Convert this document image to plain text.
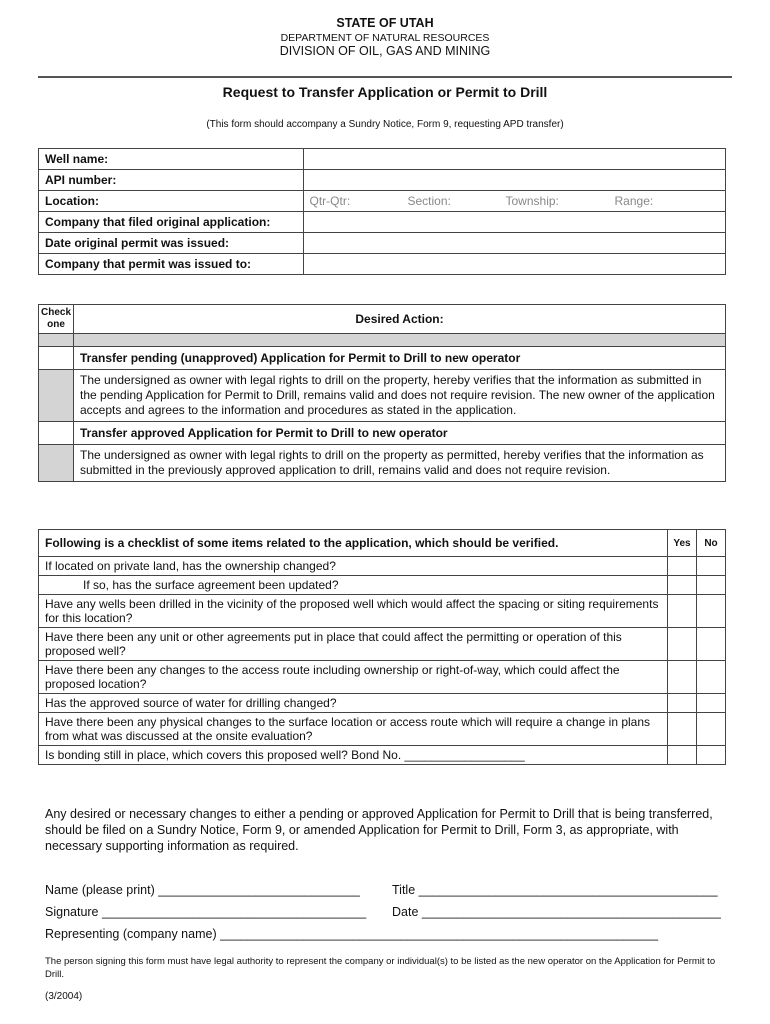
STATE OF UTAH
DEPARTMENT OF NATURAL RESOURCES
DIVISION OF OIL, GAS AND MINING
Request to Transfer Application or Permit to Drill
(This form should accompany a Sundry Notice, Form 9, requesting APD transfer)
Well name:	
API number:	
Location:	Qtr-Qtr: Section: Township: Range:

Company that filed original application:	
Date original permit was issued:	
Company that permit was issued to:	
Check one	Desired Action:

	Transfer pending (unapproved) Application for Permit to Drill to new operator
	The undersigned as owner with legal rights to drill on the property, hereby verifies that the information as submitted in the pending Application for Permit to Drill, remains valid and does not require revision. The new owner of the application accepts and agrees to the information and procedures as stated in the application.
	Transfer approved Application for Permit to Drill to new operator
	The undersigned as owner with legal rights to drill on the property as permitted, hereby verifies that the information as submitted in the previously approved application to drill, remains valid and does not require revision.
Following is a checklist of some items related to the application, which should be verified.	Yes	No
If located on private land, has the ownership changed?		
If so, has the surface agreement been updated?		
Have any wells been drilled in the vicinity of the proposed well which would affect the spacing or siting requirements for this location?		
Have there been any unit or other agreements put in place that could affect the permitting or operation of this proposed well?		
Have there been any changes to the access route including ownership or right-of-way, which could affect the proposed location?		
Has the approved source of water for drilling changed?		
Have there been any physical changes to the surface location or access route which will require a change in plans from what was discussed at the onsite evaluation?		
Is bonding still in place, which covers this proposed well? Bond No. __________________		
Any desired or necessary changes to either a pending or approved Application for Permit to Drill that is being transferred, should be filed on a Sundry Notice, Form 9, or amended Application for Permit to Drill, Form 3, as appropriate, with necessary supporting information as required.
Name (please print) _____________________________	Title ___________________________________________
Signature ______________________________________ Date ___________________________________________
Representing (company name) _______________________________________________________________
The person signing this form must have legal authority to represent the company or individual(s) to be listed as the new operator on the Application for Permit to Drill.
(3/2004)
